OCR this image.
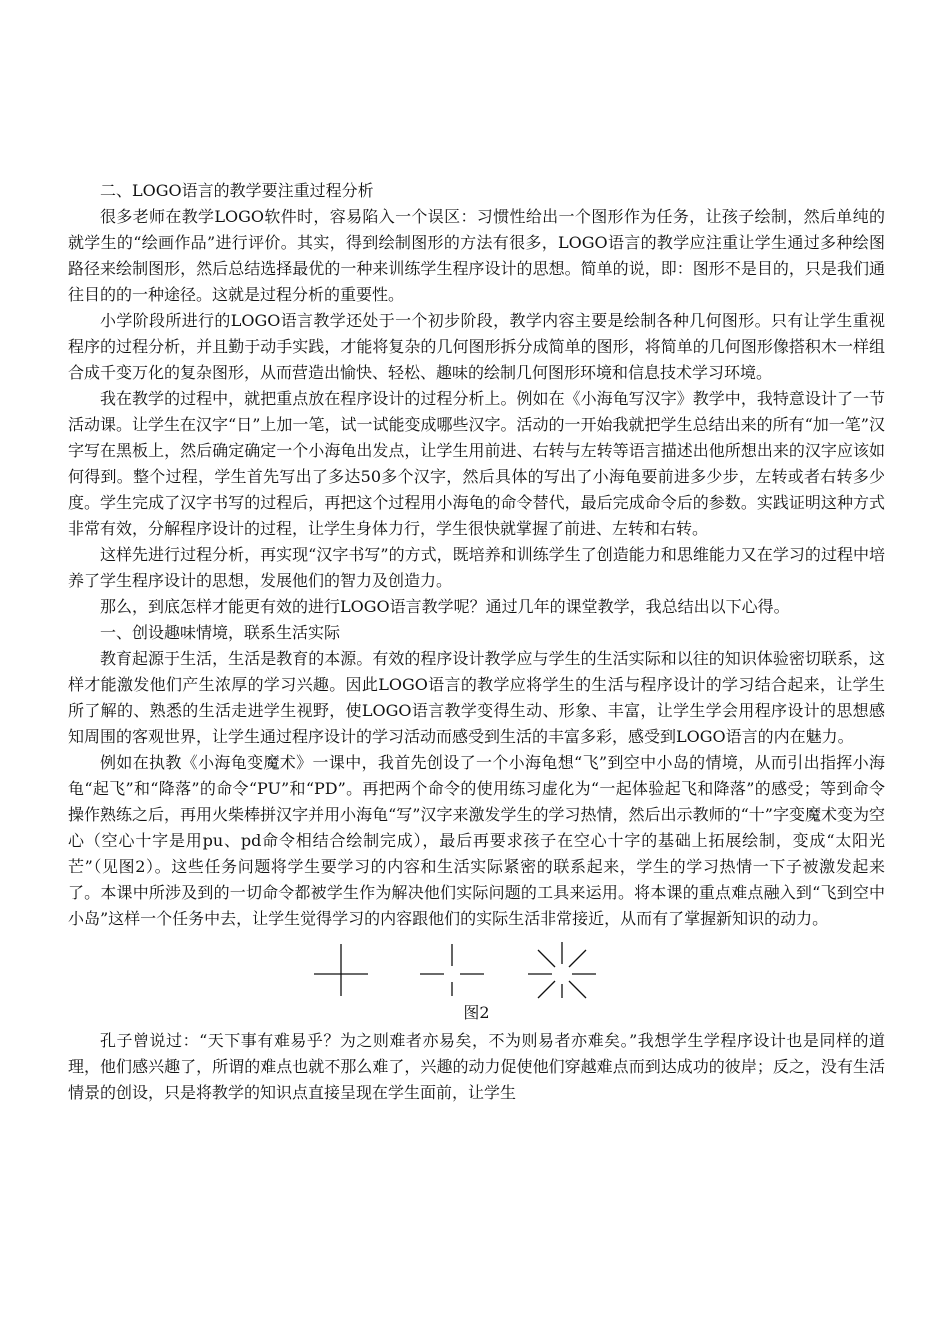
二、LOGO语言的教学要注重过程分析

很多老师在教学LOGO软件时，容易陷入一个误区：习惯性给出一个图形作为任务，让孩子绘制，然后单纯的就学生的“绘画作品”进行评价。其实，得到绘制图形的方法有很多，LOGO语言的教学应注重让学生通过多种绘图路径来绘制图形，然后总结选择最优的一种来训练学生程序设计的思想。简单的说，即：图形不是目的，只是我们通往目的的一种途径。这就是过程分析的重要性。

小学阶段所进行的LOGO语言教学还处于一个初步阶段，教学内容主要是绘制各种几何图形。只有让学生重视程序的过程分析，并且勤于动手实践，才能将复杂的几何图形拆分成简单的图形，将简单的几何图形像搭积木一样组合成千变万化的复杂图形，从而营造出愉快、轻松、趣味的绘制几何图形环境和信息技术学习环境。

我在教学的过程中，就把重点放在程序设计的过程分析上。例如在《小海龟写汉字》教学中，我特意设计了一节活动课。让学生在汉字“日”上加一笔，试一试能变成哪些汉字。活动的一开始我就把学生总结出来的所有“加一笔”汉字写在黑板上，然后确定确定一个小海龟出发点，让学生用前进、右转与左转等语言描述出他所想出来的汉字应该如何得到。整个过程，学生首先写出了多达50多个汉字，然后具体的写出了小海龟要前进多少步，左转或者右转多少度。学生完成了汉字书写的过程后，再把这个过程用小海龟的命令替代，最后完成命令后的参数。实践证明这种方式非常有效，分解程序设计的过程，让学生身体力行，学生很快就掌握了前进、左转和右转。

这样先进行过程分析，再实现“汉字书写”的方式，既培养和训练学生了创造能力和思维能力又在学习的过程中培养了学生程序设计的思想，发展他们的智力及创造力。

那么，到底怎样才能更有效的进行LOGO语言教学呢？通过几年的课堂教学，我总结出以下心得。

一、创设趣味情境，联系生活实际

教育起源于生活，生活是教育的本源。有效的程序设计教学应与学生的生活实际和以往的知识体验密切联系，这样才能激发他们产生浓厚的学习兴趣。因此LOGO语言的教学应将学生的生活与程序设计的学习结合起来，让学生所了解的、熟悉的生活走进学生视野，使LOGO语言教学变得生动、形象、丰富，让学生学会用程序设计的思想感知周围的客观世界，让学生通过程序设计的学习活动而感受到生活的丰富多彩，感受到LOGO语言的内在魅力。

例如在执教《小海龟变魔术》一课中，我首先创设了一个小海龟想“飞”到空中小岛的情境，从而引出指挥小海龟“起飞”和“降落”的命令“PU”和“PD”。再把两个命令的使用练习虚化为“一起体验起飞和降落”的感受；等到命令操作熟练之后，再用火柴棒拼汉字并用小海龟“写”汉字来激发学生的学习热情，然后出示教师的“十”字变魔术变为空心（空心十字是用pu、pd命令相结合绘制完成），最后再要求孩子在空心十字的基础上拓展绘制，变成“太阳光芒”（见图2）。这些任务问题将学生要学习的内容和生活实际紧密的联系起来，学生的学习热情一下子被激发起来了。本课中所涉及到的一切命令都被学生作为解决他们实际问题的工具来运用。将本课的重点难点融入到“飞到空中小岛”这样一个任务中去，让学生觉得学习的内容跟他们的实际生活非常接近，从而有了掌握新知识的动力。

图2

孔子曾说过：“天下事有难易乎？为之则难者亦易矣，不为则易者亦难矣。”我想学生学程序设计也是同样的道理，他们感兴趣了，所谓的难点也就不那么难了，兴趣的动力促使他们穿越难点而到达成功的彼岸；反之，没有生活情景的创设，只是将教学的知识点直接呈现在学生面前，让学生
